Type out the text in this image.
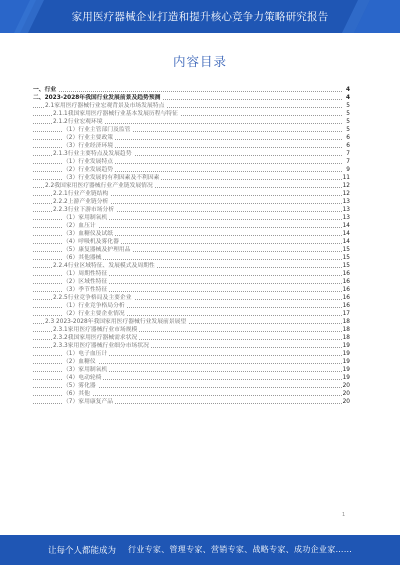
家用医疗器械企业打造和提升核心竞争力策略研究报告
内容目录
一、行业	4
二、2023-2028年我国行业发展前景及趋势预测	4
2.1家用医疗器械行业宏观背景及市场发展特点	5
2.1.1我国家用医疗器械行业基本发展历程与特征	5
2.1.2行业宏观环境	5
（1）行业主管部门及监管	5
（2）行业主要政策	6
（3）行业经济环境	6
2.1.3行业主要特点及发展趋势	7
（1）行业发展特点	7
（2）行业发展趋势	9
（3）行业发展的有利因素及不利因素	11
2.2我国家用医疗器械行业产业链发展情况	12
2.2.1行业产业链结构	12
2.2.2上游产业链分析	13
2.2.3行业下游市场分析	13
（1）家用制氧机	13
（2）血压计	14
（3）血糖仪及试纸	14
（4）呼吸机及雾化器	14
（5）康复器械及护理用品	15
（6）其他器械	15
2.2.4行业区域特征、发展模式及周期性	15
（1）周期性特征	16
（2）区域性特征	16
（3）季节性特征	16
2.2.5行业竞争格局及主要企业	16
（1）行业竞争格局分析	16
（2）行业主要企业情况	17
2.3 2023-2028年我国家用医疗器械行业发展前景展望	18
2.3.1家用医疗器械行业市场规模	18
2.3.2我国家用医疗器械需求状况	18
2.3.3家用医疗器械行业细分市场状况	19
（1）电子血压计	19
（2）血糖仪	19
（3）家用制氧机	19
（4）电动轮椅	19
（5）雾化器	20
（6）其他	20
（7）家用康复产品	20
1
让每个人都能成为 行业专家、管理专家、营销专家、战略专家、成功企业家……
